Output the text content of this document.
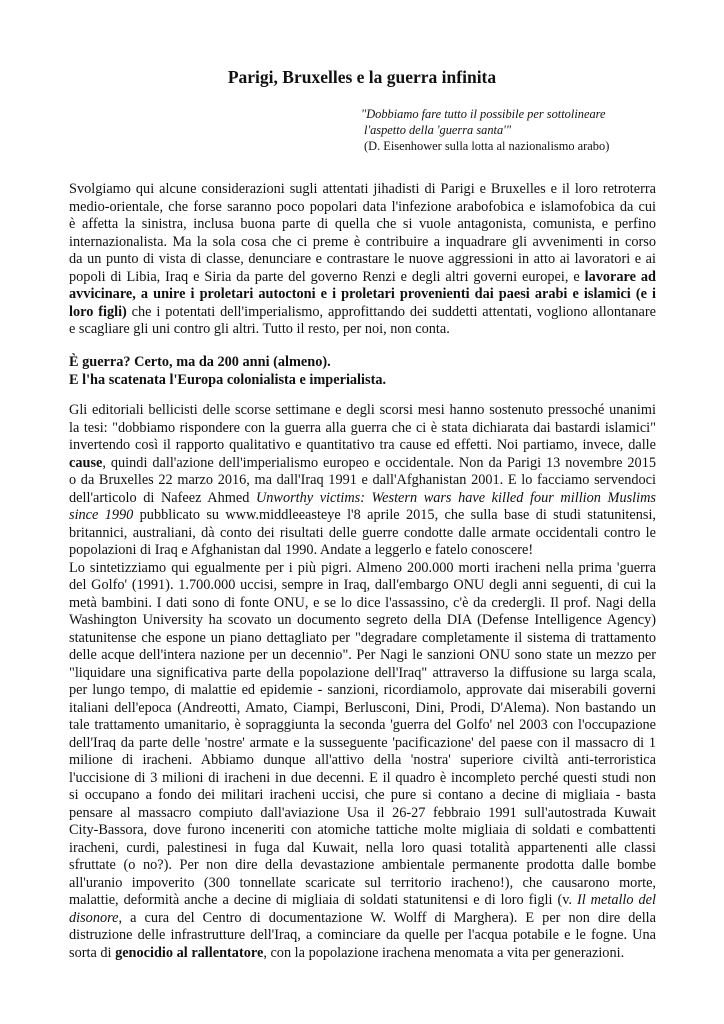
Parigi, Bruxelles e la guerra infinita
"Dobbiamo fare tutto il possibile per sottolineare
l'aspetto della 'guerra santa'"
(D. Eisenhower sulla lotta al nazionalismo arabo)
Svolgiamo qui alcune considerazioni sugli attentati jihadisti di Parigi e Bruxelles e il loro retroterra
medio-orientale, che forse saranno poco popolari data l'infezione arabofobica e islamofobica da cui
è affetta la sinistra, inclusa buona parte di quella che si vuole antagonista, comunista, e perfino
internazionalista. Ma la sola cosa che ci preme è contribuire a inquadrare gli avvenimenti in corso
da un punto di vista di classe, denunciare e contrastare le nuove aggressioni in atto ai lavoratori e ai
popoli di Libia, Iraq e Siria da parte del governo Renzi e degli altri governi europei, e lavorare ad
avvicinare, a unire i proletari autoctoni e i proletari provenienti dai paesi arabi e islamici (e i
loro figli) che i potentati dell'imperialismo, approfittando dei suddetti attentati, vogliono allontanare
e scagliare gli uni contro gli altri. Tutto il resto, per noi, non conta.
È guerra? Certo, ma da 200 anni (almeno).
E l'ha scatenata l'Europa colonialista e imperialista.
Gli editoriali bellicisti delle scorse settimane e degli scorsi mesi hanno sostenuto pressoché unanimi
la tesi: "dobbiamo rispondere con la guerra alla guerra che ci è stata dichiarata dai bastardi islamici"
invertendo così il rapporto qualitativo e quantitativo tra cause ed effetti. Noi partiamo, invece, dalle
cause, quindi dall'azione dell'imperialismo europeo e occidentale. Non da Parigi 13 novembre 2015
o da Bruxelles 22 marzo 2016, ma dall'Iraq 1991 e dall'Afghanistan 2001. E lo facciamo servendoci
dell'articolo di Nafeez Ahmed Unworthy victims: Western wars have killed four million Muslims
since 1990 pubblicato su www.middleeasteye l'8 aprile 2015, che sulla base di studi statunitensi,
britannici, australiani, dà conto dei risultati delle guerre condotte dalle armate occidentali contro le
popolazioni di Iraq e Afghanistan dal 1990. Andate a leggerlo e fatelo conoscere!
Lo sintetizziamo qui egualmente per i più pigri. Almeno 200.000 morti iracheni nella prima 'guerra
del Golfo' (1991). 1.700.000 uccisi, sempre in Iraq, dall'embargo ONU degli anni seguenti, di cui la
metà bambini. I dati sono di fonte ONU, e se lo dice l'assassino, c'è da credergli. Il prof. Nagi della
Washington University ha scovato un documento segreto della DIA (Defense Intelligence Agency)
statunitense che espone un piano dettagliato per "degradare completamente il sistema di trattamento
delle acque dell'intera nazione per un decennio". Per Nagi le sanzioni ONU sono state un mezzo per
"liquidare una significativa parte della popolazione dell'Iraq" attraverso la diffusione su larga scala,
per lungo tempo, di malattie ed epidemie - sanzioni, ricordiamolo, approvate dai miserabili governi
italiani dell'epoca (Andreotti, Amato, Ciampi, Berlusconi, Dini, Prodi, D'Alema). Non bastando un
tale trattamento umanitario, è sopraggiunta la seconda 'guerra del Golfo' nel 2003 con l'occupazione
dell'Iraq da parte delle 'nostre' armate e la susseguente 'pacificazione' del paese con il massacro di 1
milione di iracheni. Abbiamo dunque all'attivo della 'nostra' superiore civiltà anti-terroristica
l'uccisione di 3 milioni di iracheni in due decenni. E il quadro è incompleto perché questi studi non
si occupano a fondo dei militari iracheni uccisi, che pure si contano a decine di migliaia - basta
pensare al massacro compiuto dall'aviazione Usa il 26-27 febbraio 1991 sull'autostrada Kuwait
City-Bassora, dove furono inceneriti con atomiche tattiche molte migliaia di soldati e combattenti
iracheni, curdi, palestinesi in fuga dal Kuwait, nella loro quasi totalità appartenenti alle classi
sfruttate (o no?). Per non dire della devastazione ambientale permanente prodotta dalle bombe
all'uranio impoverito (300 tonnellate scaricate sul territorio iracheno!), che causarono morte,
malattie, deformità anche a decine di migliaia di soldati statunitensi e di loro figli (v. Il metallo del
disonore, a cura del Centro di documentazione W. Wolff di Marghera). E per non dire della
distruzione delle infrastrutture dell'Iraq, a cominciare da quelle per l'acqua potabile e le fogne. Una
sorta di genocidio al rallentatore, con la popolazione irachena menomata a vita per generazioni.
